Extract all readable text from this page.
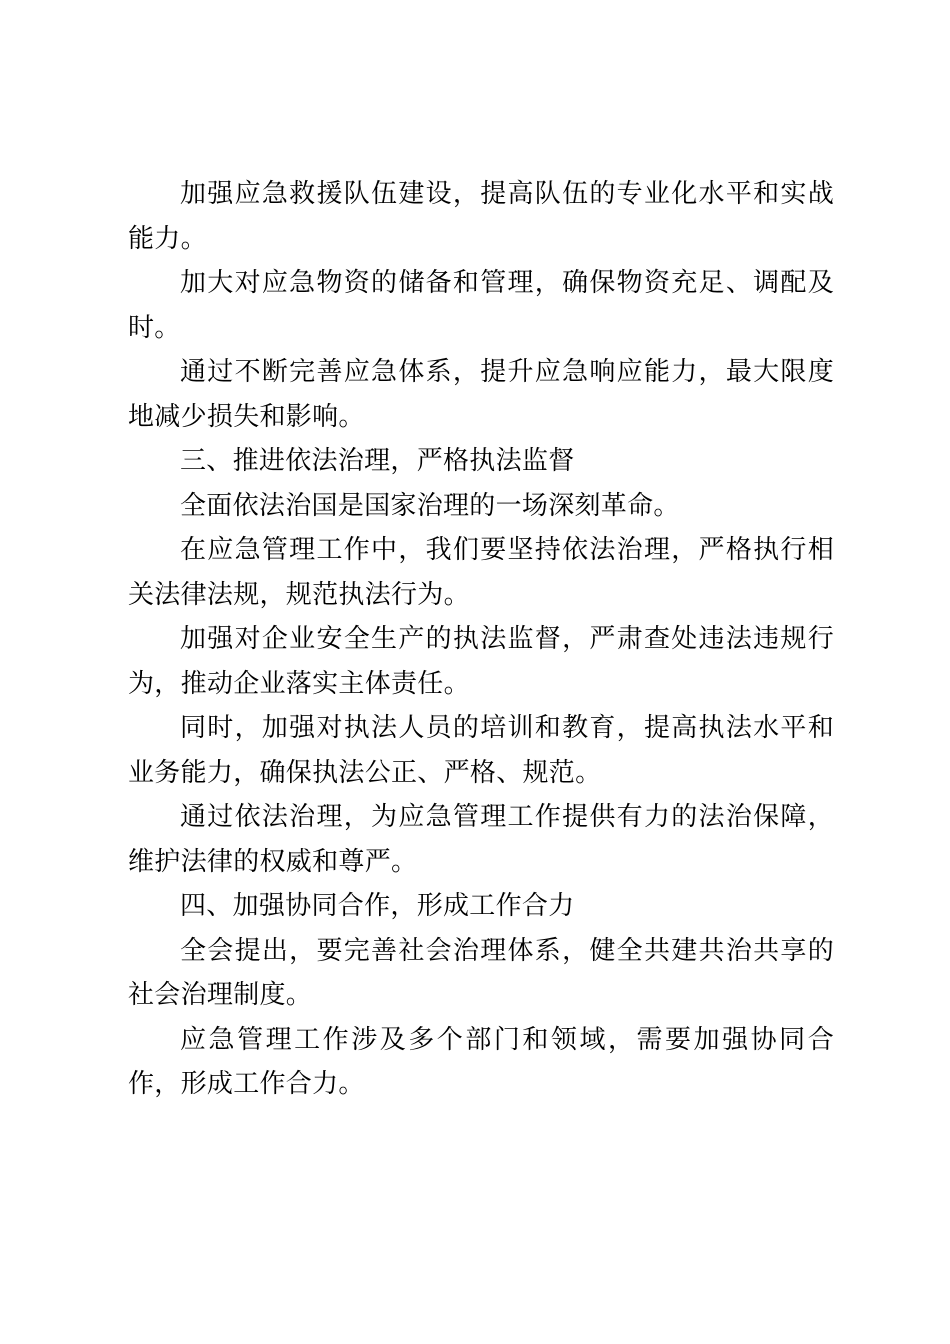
加强应急救援队伍建设，提高队伍的专业化水平和实战能力。

加大对应急物资的储备和管理，确保物资充足、调配及时。

通过不断完善应急体系，提升应急响应能力，最大限度地减少损失和影响。

三、推进依法治理，严格执法监督

全面依法治国是国家治理的一场深刻革命。

在应急管理工作中，我们要坚持依法治理，严格执行相关法律法规，规范执法行为。

加强对企业安全生产的执法监督，严肃查处违法违规行为，推动企业落实主体责任。

同时，加强对执法人员的培训和教育，提高执法水平和业务能力，确保执法公正、严格、规范。

通过依法治理，为应急管理工作提供有力的法治保障，维护法律的权威和尊严。

四、加强协同合作，形成工作合力

全会提出，要完善社会治理体系，健全共建共治共享的社会治理制度。

应急管理工作涉及多个部门和领域，需要加强协同合作，形成工作合力。
